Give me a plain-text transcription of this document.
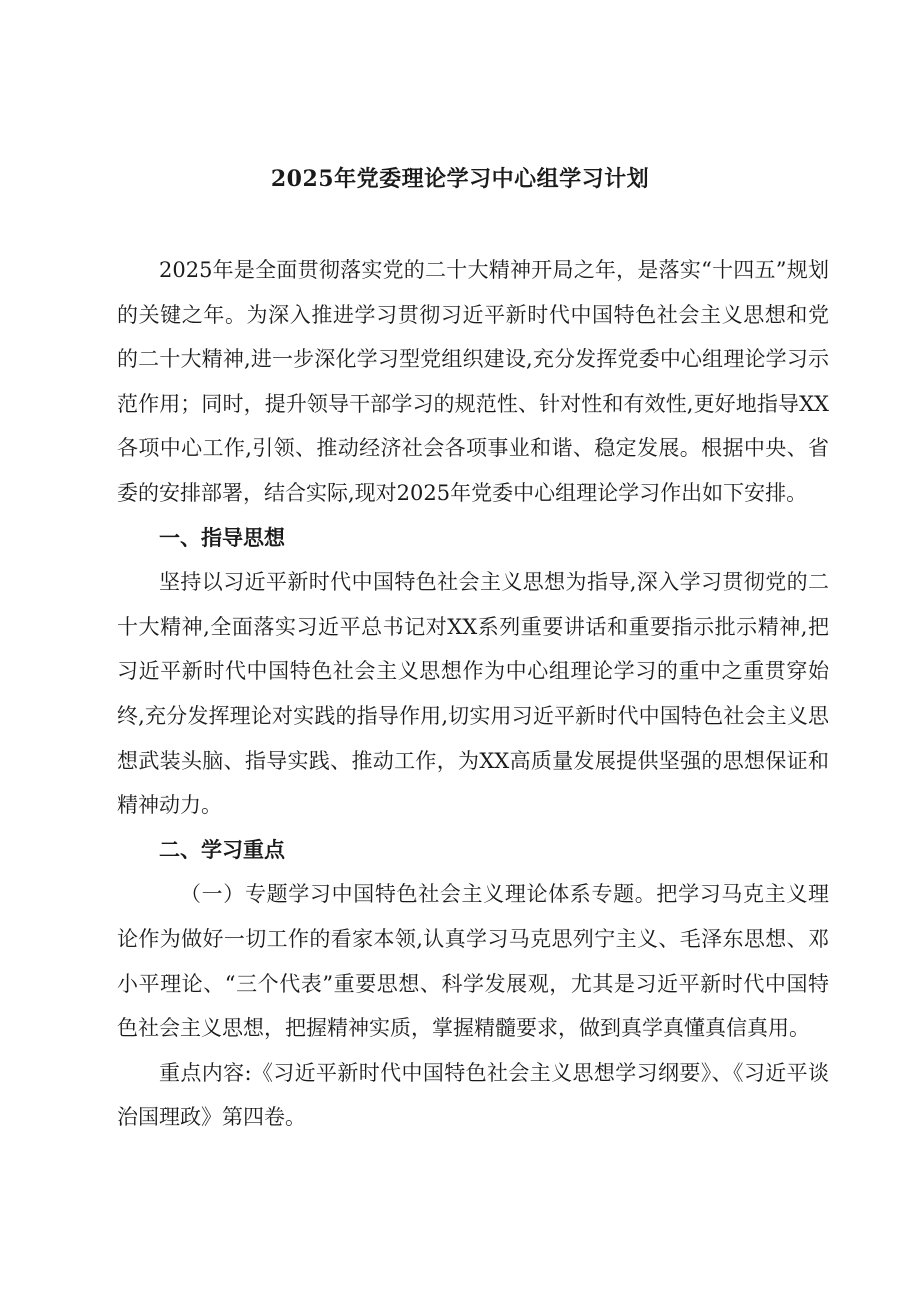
2025年党委理论学习中心组学习计划

2025年是全面贯彻落实党的二十大精神开局之年，是落实“十四五”规划的关键之年。为深入推进学习贯彻习近平新时代中国特色社会主义思想和党的二十大精神,进一步深化学习型党组织建设,充分发挥党委中心组理论学习示范作用；同时，提升领导干部学习的规范性、针对性和有效性,更好地指导XX各项中心工作,引领、推动经济社会各项事业和谐、稳定发展。根据中央、省委的安排部署，结合实际,现对2025年党委中心组理论学习作出如下安排。

一、指导思想

坚持以习近平新时代中国特色社会主义思想为指导,深入学习贯彻党的二十大精神,全面落实习近平总书记对XX系列重要讲话和重要指示批示精神,把习近平新时代中国特色社会主义思想作为中心组理论学习的重中之重贯穿始终,充分发挥理论对实践的指导作用,切实用习近平新时代中国特色社会主义思想武装头脑、指导实践、推动工作，为XX高质量发展提供坚强的思想保证和精神动力。

二、学习重点

（一）专题学习中国特色社会主义理论体系专题。把学习马克主义理论作为做好一切工作的看家本领,认真学习马克思列宁主义、毛泽东思想、邓小平理论、“三个代表”重要思想、科学发展观，尤其是习近平新时代中国特色社会主义思想，把握精神实质，掌握精髓要求，做到真学真懂真信真用。

重点内容:《习近平新时代中国特色社会主义思想学习纲要》、《习近平谈治国理政》第四卷。
